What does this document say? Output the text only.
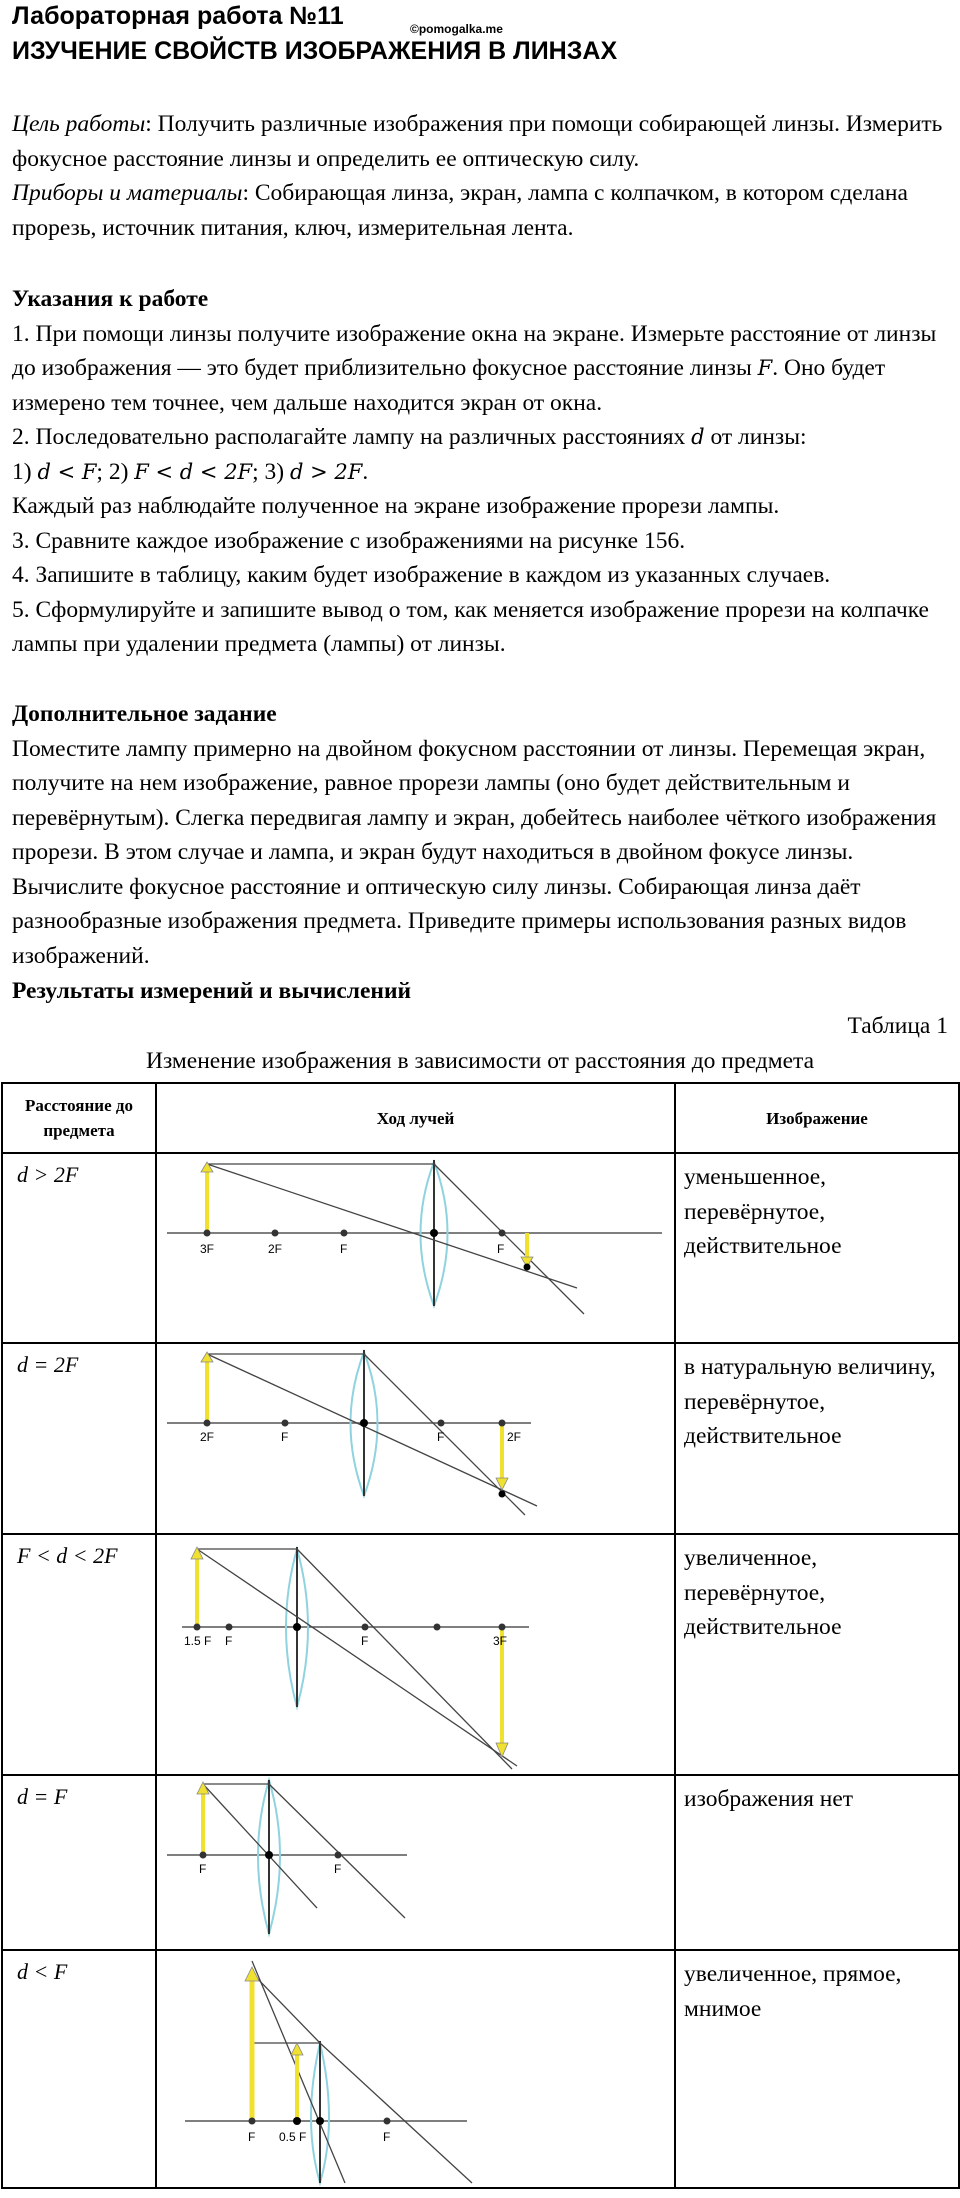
Лабораторная работа №11	©pomogalka.me
ИЗУЧЕНИЕ СВОЙСТВ ИЗОБРАЖЕНИЯ В ЛИНЗАХ

Цель работы: Получить различные изображения при помощи собирающей линзы. Измерить фокусное расстояние линзы и определить ее оптическую силу.

Приборы и материалы: Собирающая линза, экран, лампа с колпачком, в котором сделана прорезь, источник питания, ключ, измерительная лента.

Указания к работе

1. При помощи линзы получите изображение окна на экране. Измерьте расстояние от линзы до изображения — это будет приблизительно фокусное расстояние линзы F. Оно будет измерено тем точнее, чем дальше находится экран от окна.

2. Последовательно располагайте лампу на различных расстояниях d от линзы:

1) d < F; 2) F < d < 2F; 3) d > 2F.

Каждый раз наблюдайте полученное на экране изображение прорези лампы.

3. Сравните каждое изображение с изображениями на рисунке 156.

4. Запишите в таблицу, каким будет изображение в каждом из указанных случаев.

5. Сформулируйте и запишите вывод о том, как меняется изображение прорези на колпачке лампы при удалении предмета (лампы) от линзы.

Дополнительное задание

Поместите лампу примерно на двойном фокусном расстоянии от линзы. Перемещая экран, получите на нем изображение, равное прорези лампы (оно будет действительным и перевёрнутым). Слегка передвигая лампу и экран, добейтесь наиболее чёткого изображения прорези. В этом случае и лампа, и экран будут находиться в двойном фокусе линзы. Вычислите фокусное расстояние и оптическую силу линзы. Собирающая линза даёт разнообразные изображения предмета. Приведите примеры использования разных видов изображений.

Результаты измерений и вычислений
Таблица 1
Изменение изображения в зависимости от расстояния до предмета
Расстояние до предмета	Ход лучей	Изображение
d > 2F	3F 2F F F	уменьшенное, перевёрнутое, действительное
d = 2F	2F F F 2F	в натуральную величину, перевёрнутое, действительное
F < d < 2F	1.5 F F F 3F	увеличенное, перевёрнутое, действительное
d = F	F F	изображения нет
d < F	F 0.5 F F	увеличенное, прямое, мнимое
